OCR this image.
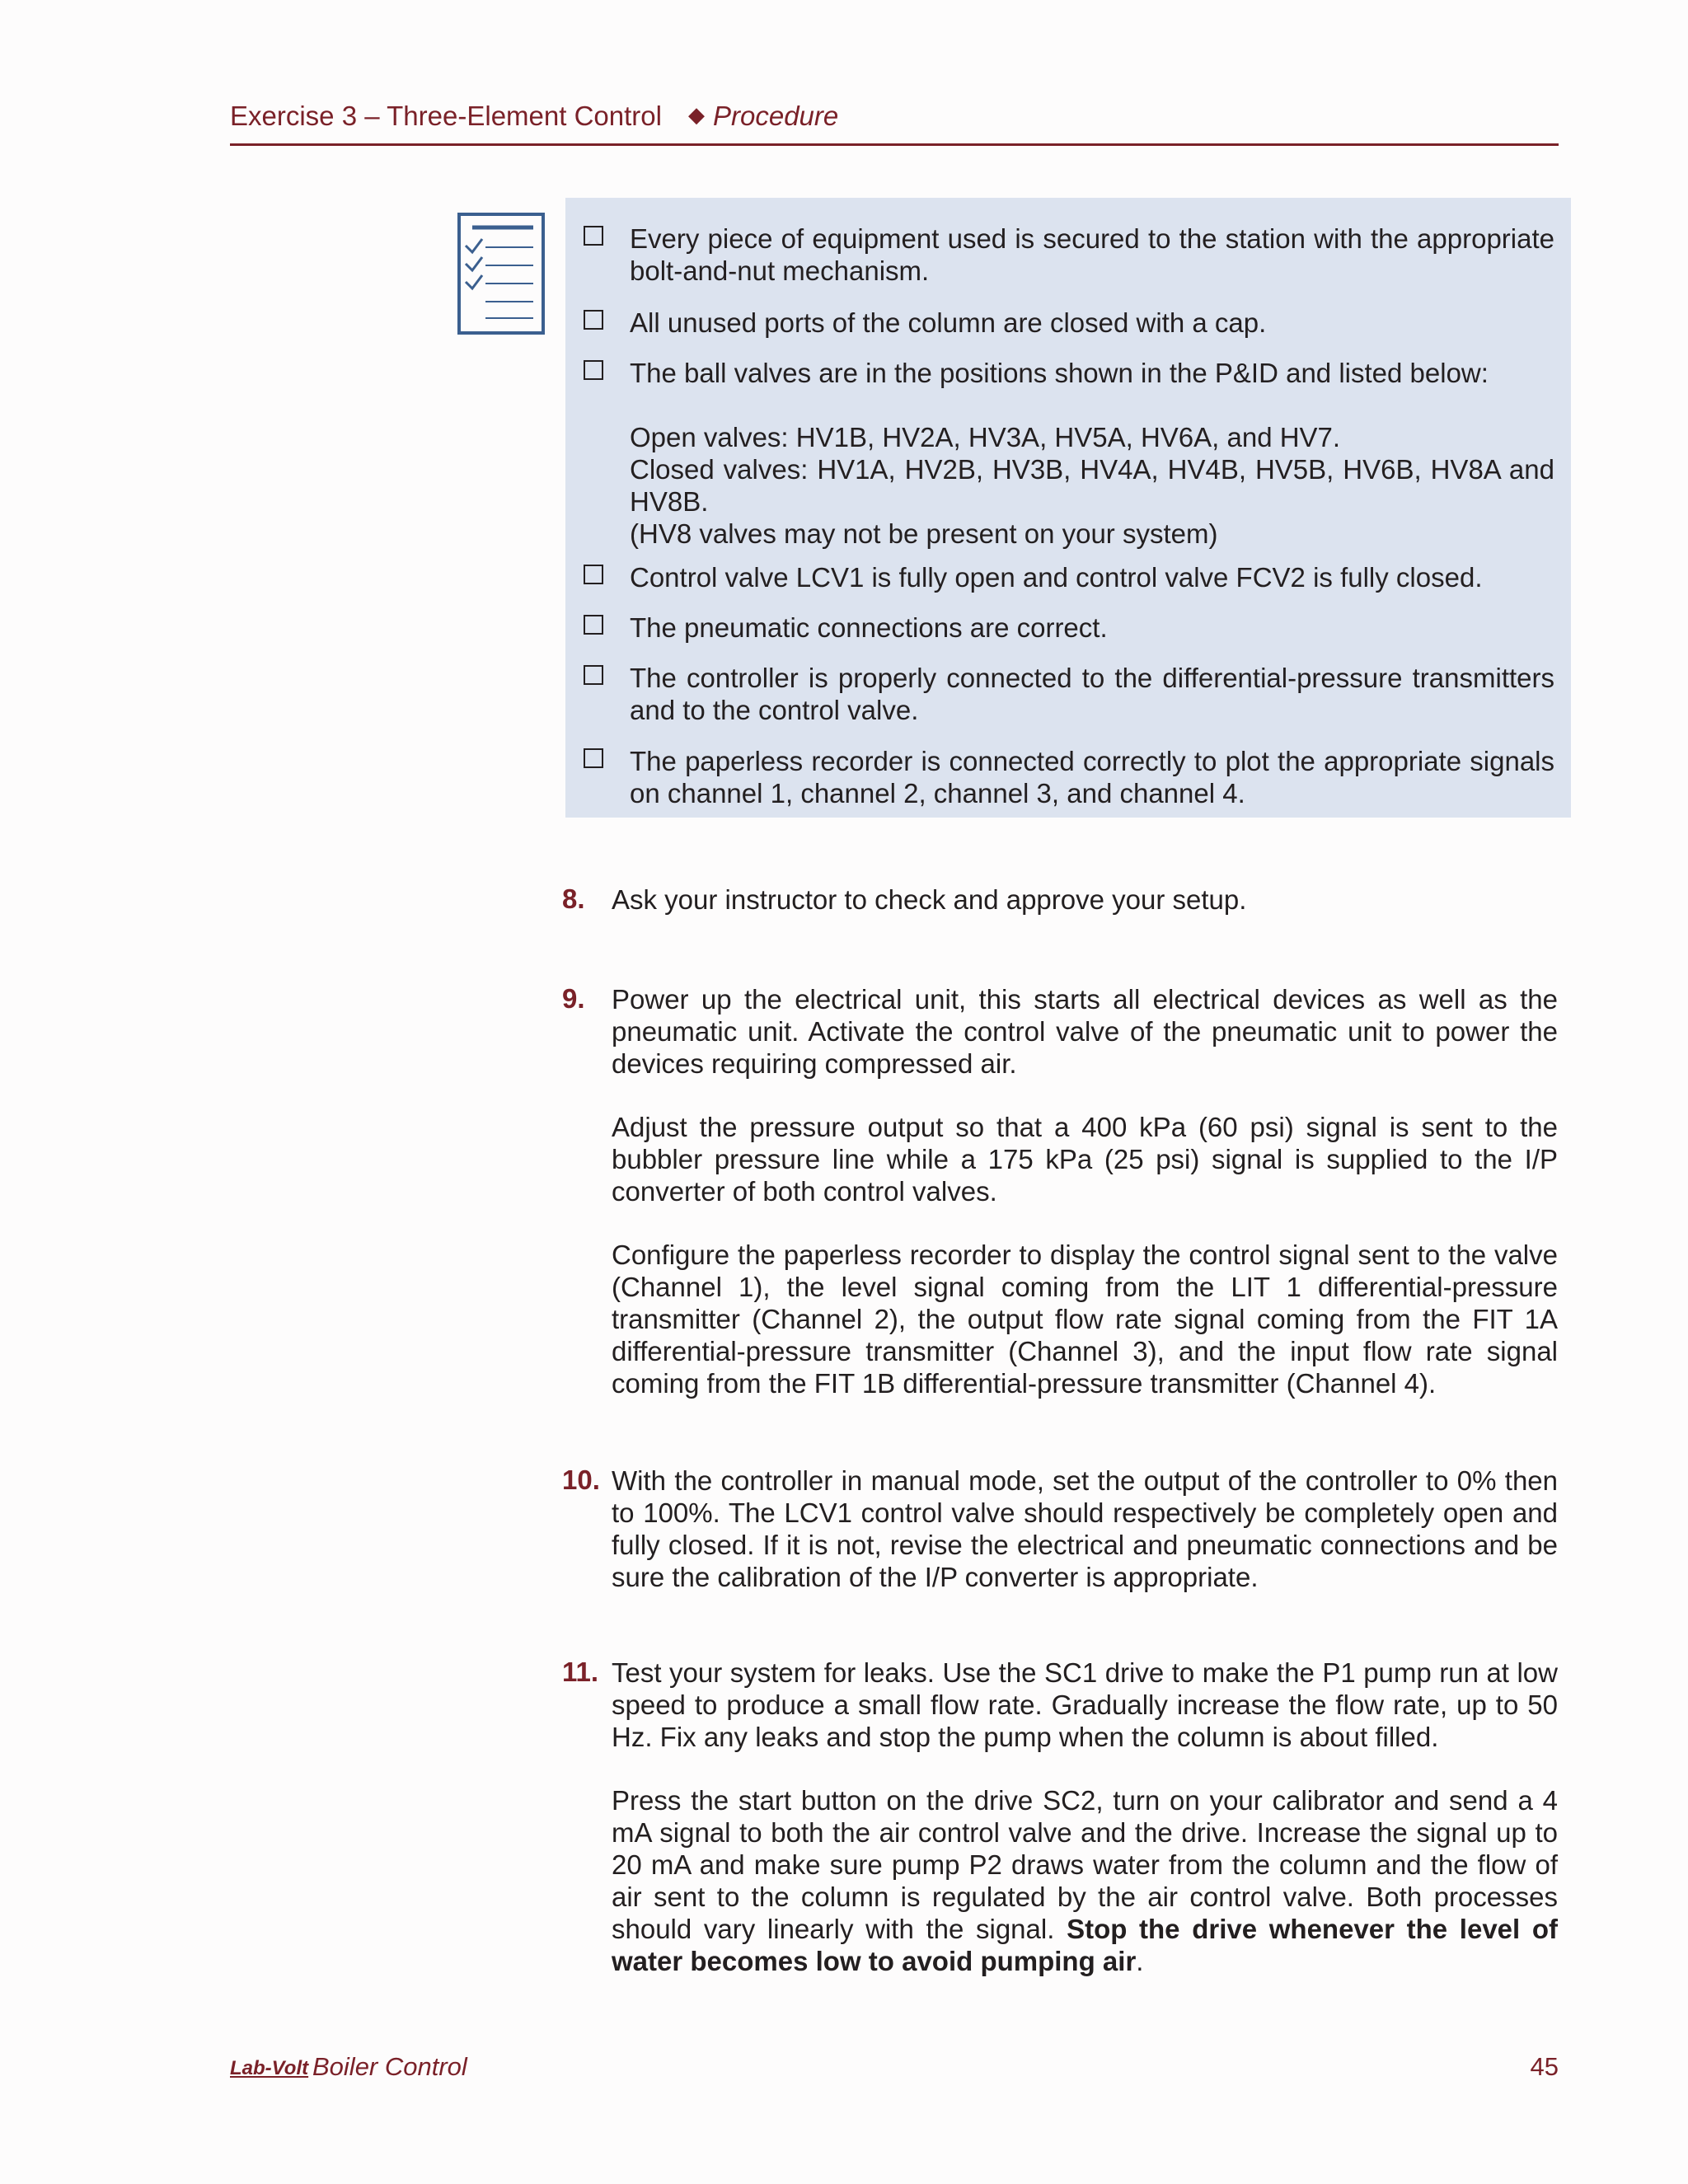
Exercise 3 – Three-Element Control ◆ Procedure
Every piece of equipment used is secured to the station with the appropriate bolt-and-nut mechanism.
All unused ports of the column are closed with a cap.
The ball valves are in the positions shown in the P&ID and listed below:
Open valves: HV1B, HV2A, HV3A, HV5A, HV6A, and HV7.
Closed valves: HV1A, HV2B, HV3B, HV4A, HV4B, HV5B, HV6B, HV8A and HV8B.
(HV8 valves may not be present on your system)
Control valve LCV1 is fully open and control valve FCV2 is fully closed.
The pneumatic connections are correct.
The controller is properly connected to the differential-pressure transmitters and to the control valve.
The paperless recorder is connected correctly to plot the appropriate signals on channel 1, channel 2, channel 3, and channel 4.
8. Ask your instructor to check and approve your setup.

9. Power up the electrical unit, this starts all electrical devices as well as the pneumatic unit. Activate the control valve of the pneumatic unit to power the devices requiring compressed air.

Adjust the pressure output so that a 400 kPa (60 psi) signal is sent to the bubbler pressure line while a 175 kPa (25 psi) signal is supplied to the I/P converter of both control valves.

Configure the paperless recorder to display the control signal sent to the valve (Channel 1), the level signal coming from the LIT 1 differential-pressure transmitter (Channel 2), the output flow rate signal coming from the FIT 1A differential-pressure transmitter (Channel 3), and the input flow rate signal coming from the FIT 1B differential-pressure transmitter (Channel 4).

10. With the controller in manual mode, set the output of the controller to 0% then to 100%. The LCV1 control valve should respectively be completely open and fully closed. If it is not, revise the electrical and pneumatic connections and be sure the calibration of the I/P converter is appropriate.

11. Test your system for leaks. Use the SC1 drive to make the P1 pump run at low speed to produce a small flow rate. Gradually increase the flow rate, up to 50 Hz. Fix any leaks and stop the pump when the column is about filled.

Press the start button on the drive SC2, turn on your calibrator and send a 4 mA signal to both the air control valve and the drive. Increase the signal up to 20 mA and make sure pump P2 draws water from the column and the flow of air sent to the column is regulated by the air control valve. Both processes should vary linearly with the signal. Stop the drive whenever the level of water becomes low to avoid pumping air.

Lab-Volt Boiler Control	45
